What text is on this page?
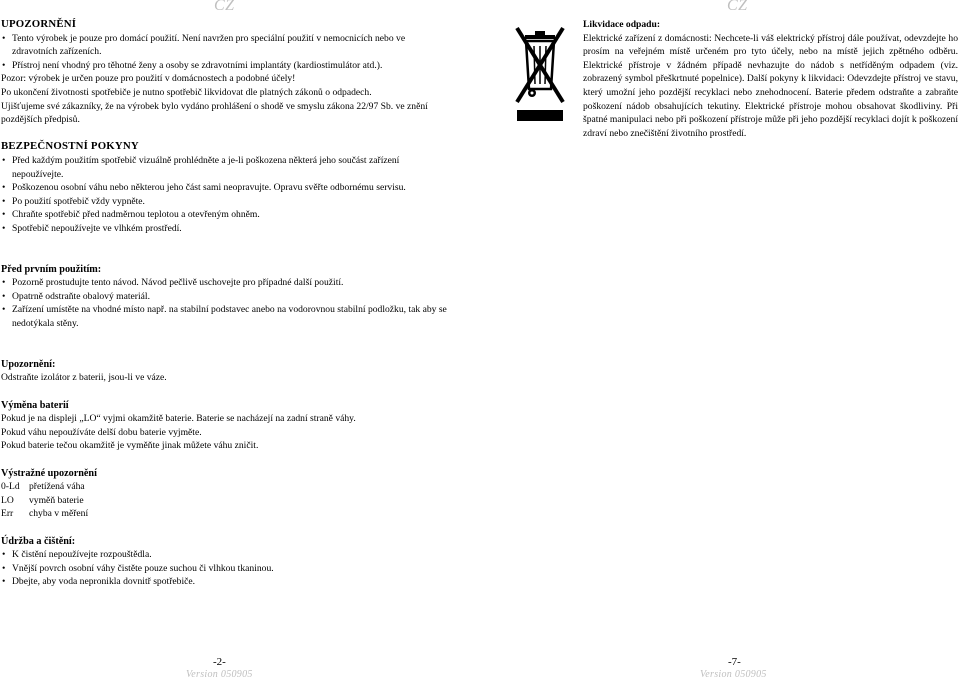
CZ	CZ
UPOZORNĚNÍ
• Tento výrobek je pouze pro domácí použití. Není navržen pro speciální použití v nemocnicích nebo ve zdravotních zařízeních.
• Přístroj není vhodný pro těhotné ženy a osoby se zdravotními implantáty (kardiostimulátor atd.).
Pozor: výrobek je určen pouze pro použití v domácnostech a podobné účely!
Po ukončení životnosti spotřebiče je nutno spotřebič likvidovat dle platných zákonů o odpadech.
Ujišťujeme své zákazníky, že na výrobek bylo vydáno prohlášení o shodě ve smyslu zákona 22/97 Sb. ve znění pozdějších předpisů.
BEZPEČNOSTNÍ POKYNY
• Před každým použitím spotřebič vizuálně prohlédněte a je-li poškozena některá jeho součást zařízení nepoužívejte.
• Poškozenou osobní váhu nebo některou jeho část sami neopravujte. Opravu svěřte odbornému servisu.
• Po použití spotřebič vždy vypněte.
• Chraňte spotřebič před nadměrnou teplotou a otevřeným ohněm.
• Spotřebič nepoužívejte ve vlhkém prostředí.
Před prvním použitím:
• Pozorně prostudujte tento návod. Návod pečlivě uschovejte pro případné další použití.
• Opatrně odstraňte obalový materiál.
• Zařízení umístěte na vhodné místo např. na stabilní podstavec anebo na vodorovnou stabilní podložku, tak aby se nedotýkala stěny.
Upozornění:
Odstraňte izolátor z baterii, jsou-li ve váze.
Výměna baterií
Pokud je na displeji „LO“ vyjmi okamžitě baterie. Baterie se nacházejí na zadní straně váhy.
Pokud váhu nepoužíváte delší dobu baterie vyjměte.
Pokud baterie tečou okamžitě je vyměňte jinak můžete váhu zničit.
Výstražné upozornění
0-Ld přetížená váha
LO	vyměň baterie
Err	chyba v měření
Údržba a čištění:
• K čistění nepoužívejte rozpouštědla.
• Vnější povrch osobní váhy čistěte pouze suchou či vlhkou tkaninou.
• Dbejte, aby voda nepronikla dovnitř spotřebiče.
Likvidace odpadu:
Elektrické zařízení z domácnosti: Nechcete-li váš elektrický přístroj dále používat, odevzdejte ho prosím na veřejném místě určeném pro tyto účely, nebo na místě jejich zpětného odběru. Elektrické přístroje v žádném případě nevhazujte do nádob s netříděným odpadem (viz. zobrazený symbol přeškrtnuté popelnice). Další pokyny k likvidaci: Odevzdejte přístroj ve stavu, který umožní jeho pozdější recyklaci nebo znehodnocení. Baterie předem odstraňte a zabraňte poškození nádob obsahujících tekutiny. Elektrické přístroje mohou obsahovat škodliviny. Při špatné manipulaci nebo při poškození přístroje může při jeho pozdější recyklaci dojít k poškození zdraví nebo znečištění životního prostředí.
-2-
Version 050905
-7-
Version 050905
